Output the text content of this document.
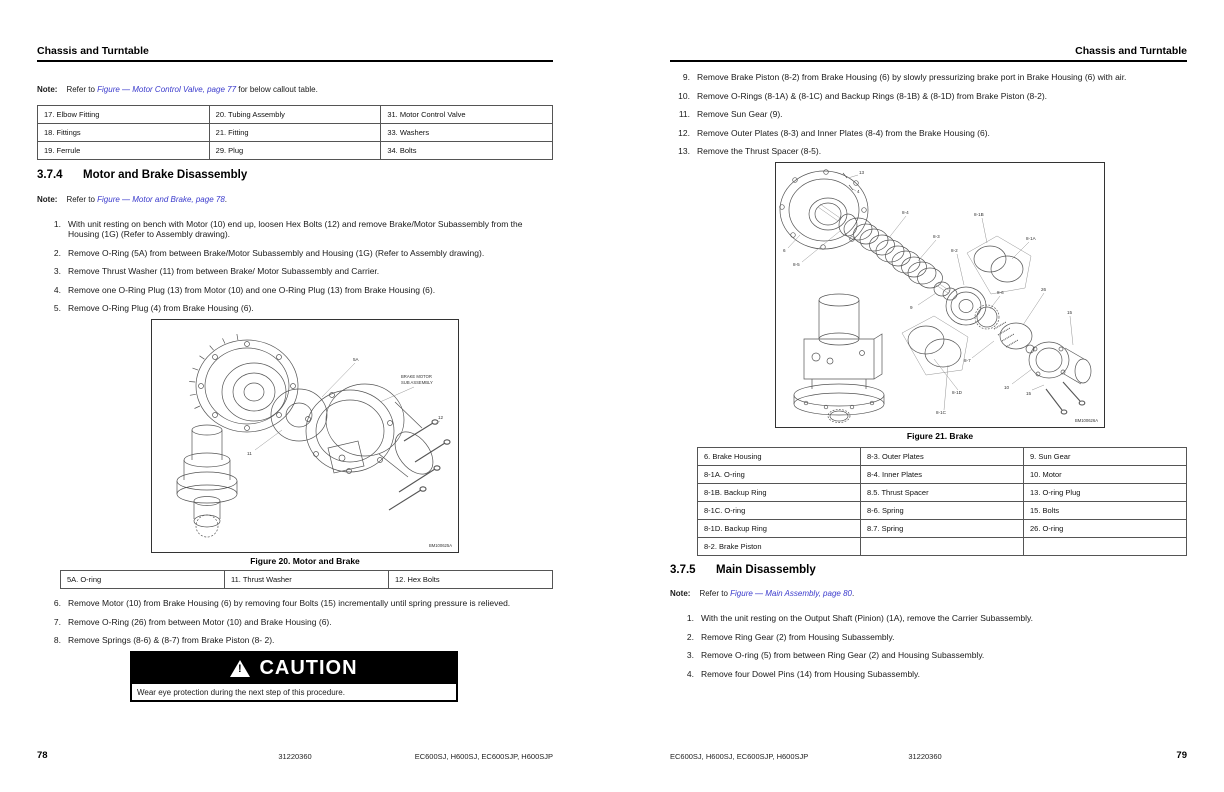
Chassis and Turntable
Note: Refer to Figure — Motor Control Valve, page 77 for below callout table.
17. Elbow Fitting	20. Tubing Assembly	31. Motor Control Valve
18. Fittings	21. Fitting	33. Washers
19. Ferrule	29. Plug	34. Bolts
3.7.4	Motor and Brake Disassembly
Note: Refer to Figure — Motor and Brake, page 78.
1. With unit resting on bench with Motor (10) end up, loosen Hex Bolts (12) and remove Brake/Motor Subassembly from the Housing (1G) (Refer to Assembly drawing).
2. Remove O-Ring (5A) from between Brake/Motor Subassembly and Housing (1G) (Refer to Assembly drawing).
3. Remove Thrust Washer (11) from between Brake/ Motor Subassembly and Carrier.
4. Remove one O-Ring Plug (13) from Motor (10) and one O-Ring Plug (13) from Brake Housing (6).
5. Remove O-Ring Plug (4) from Brake Housing (6).
5A
11
12
BRAKE MOTOR
SUB ASSEMBLY
BM100625A
Figure 20. Motor and Brake
5A. O-ring	11. Thrust Washer	12. Hex Bolts
6. Remove Motor (10) from Brake Housing (6) by removing four Bolts (15) incrementally until spring pressure is relieved.
7. Remove O-Ring (26) from between Motor (10) and Brake Housing (6).
8. Remove Springs (8-6) & (8-7) from Brake Piston (8- 2).
!
CAUTION
Wear eye protection during the next step of this procedure.
78	31220360	EC600SJ, H600SJ, EC600SJP, H600SJP
Chassis and Turntable
9. Remove Brake Piston (8-2) from Brake Housing (6) by slowly pressurizing brake port in Brake Housing (6) with air.
10. Remove O-Rings (8-1A) & (8-1C) and Backup Rings (8-1B) & (8-1D) from Brake Piston (8-2).
11. Remove Sun Gear (9).
12. Remove Outer Plates (8-3) and Inner Plates (8-4) from the Brake Housing (6).
13. Remove the Thrust Spacer (8-5).
13
4
6
8-5
8-4
8-3
8-2
9
8-1B
8-1A
8-6
26
15
8-7
8-1D
8-1C
10
15
BM100626A
Figure 21. Brake
6. Brake Housing	8-3. Outer Plates	9. Sun Gear
8-1A. O-ring	8-4. Inner Plates	10. Motor
8-1B. Backup Ring	8.5. Thrust Spacer	13. O-ring Plug
8-1C. O-ring	8-6. Spring	15. Bolts
8-1D. Backup Ring	8.7. Spring	26. O-ring
8-2. Brake Piston		
3.7.5	Main Disassembly
Note: Refer to Figure — Main Assembly, page 80.
1. With the unit resting on the Output Shaft (Pinion) (1A), remove the Carrier Subassembly.
2. Remove Ring Gear (2) from Housing Subassembly.
3. Remove O-ring (5) from between Ring Gear (2) and Housing Subassembly.
4. Remove four Dowel Pins (14) from Housing Subassembly.
EC600SJ, H600SJ, EC600SJP, H600SJP	31220360	79
